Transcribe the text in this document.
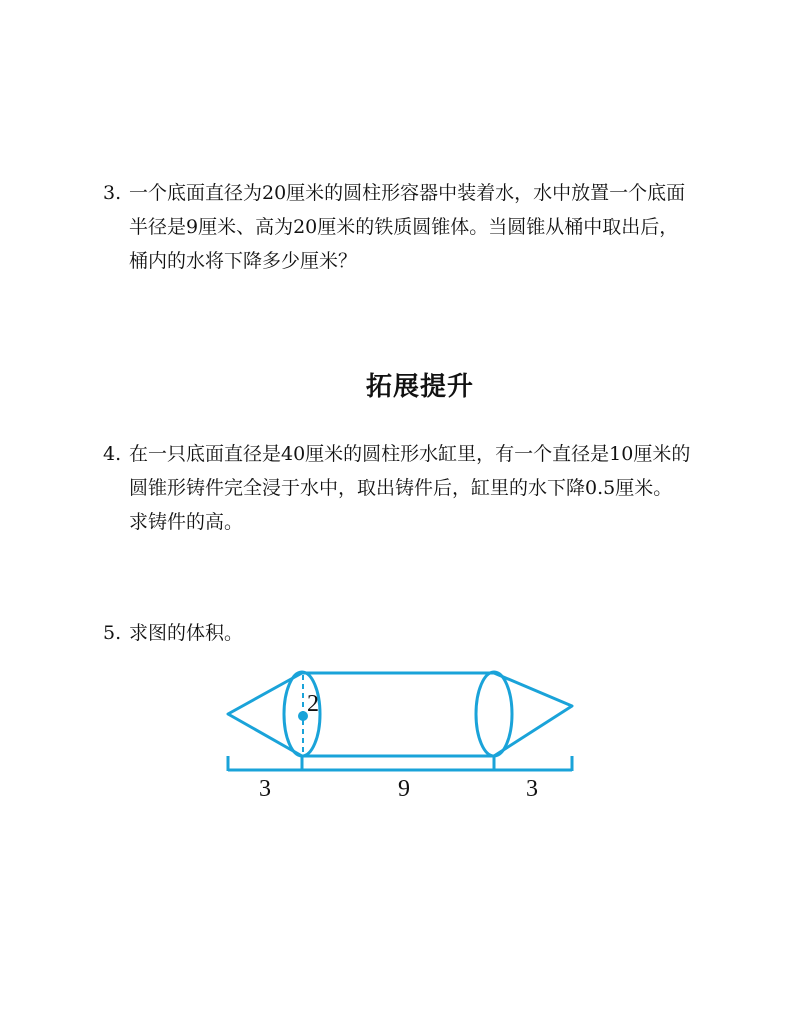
3. 一个底面直径为20厘米的圆柱形容器中装着水，水中放置一个底面
半径是9厘米、高为20厘米的铁质圆锥体。当圆锥从桶中取出后，
桶内的水将下降多少厘米？
拓展提升
4. 在一只底面直径是40厘米的圆柱形水缸里，有一个直径是10厘米的
圆锥形铸件完全浸于水中，取出铸件后，缸里的水下降0.5厘米。
求铸件的高。
5. 求图的体积。
2
3	9	3
